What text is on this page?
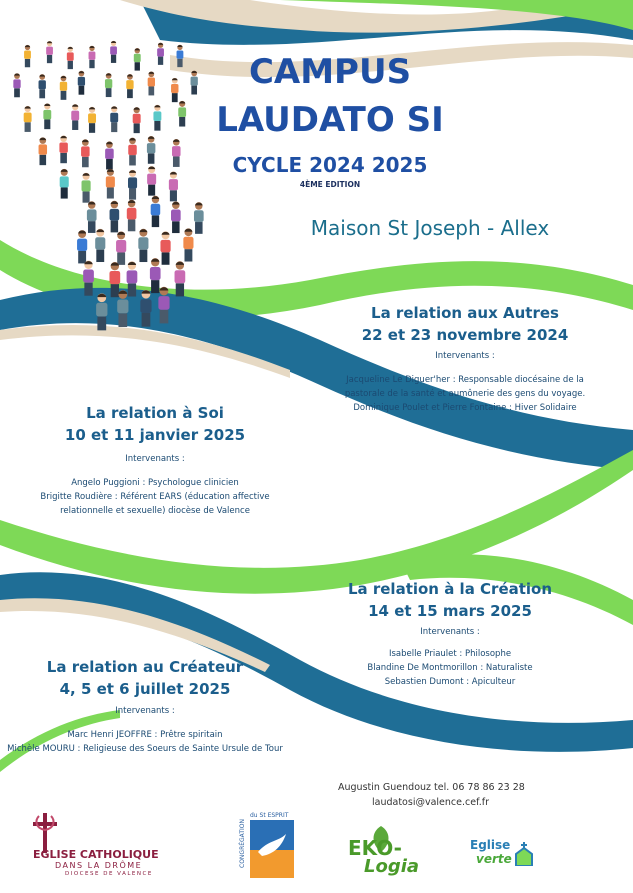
CAMPUS
LAUDATO SI
CYCLE 2024 2025
4ÈME EDITION
Maison St Joseph - Allex
La relation aux Autres
22 et 23 novembre 2024
Intervenants :
Jacqueline Le Diguer'her : Responsable diocésaine de la
pastorale de la santé et aumônerie des gens du voyage.
Dominique Poulet et Pierre Fontaine : Hiver Solidaire
La relation à Soi
10 et 11 janvier 2025
Intervenants :
Angelo Puggioni : Psychologue clinicien
Brigitte Roudière : Référent EARS (éducation affective
relationnelle et sexuelle) diocèse de Valence
La relation à la Création
14 et 15 mars 2025
Intervenants :
Isabelle Priaulet : Philosophe
Blandine De Montmorillon : Naturaliste
Sebastien Dumont : Apiculteur
La relation au Créateur
4, 5 et 6 juillet 2025
Intervenants :
Marc Henri JEOFFRE : Prêtre spiritain
Michèle MOURU : Religieuse des Soeurs de Sainte Ursule de Tour
Augustin Guendouz tel. 06 78 86 23 28
laudatosi@valence.cef.fr
EGLISE CATHOLIQUE
DANS LA DRÔME
DIOCESE DE VALENCE
CONGRÉGATION
du St ESPRIT
EKO-
Logia
Eglise
verte
